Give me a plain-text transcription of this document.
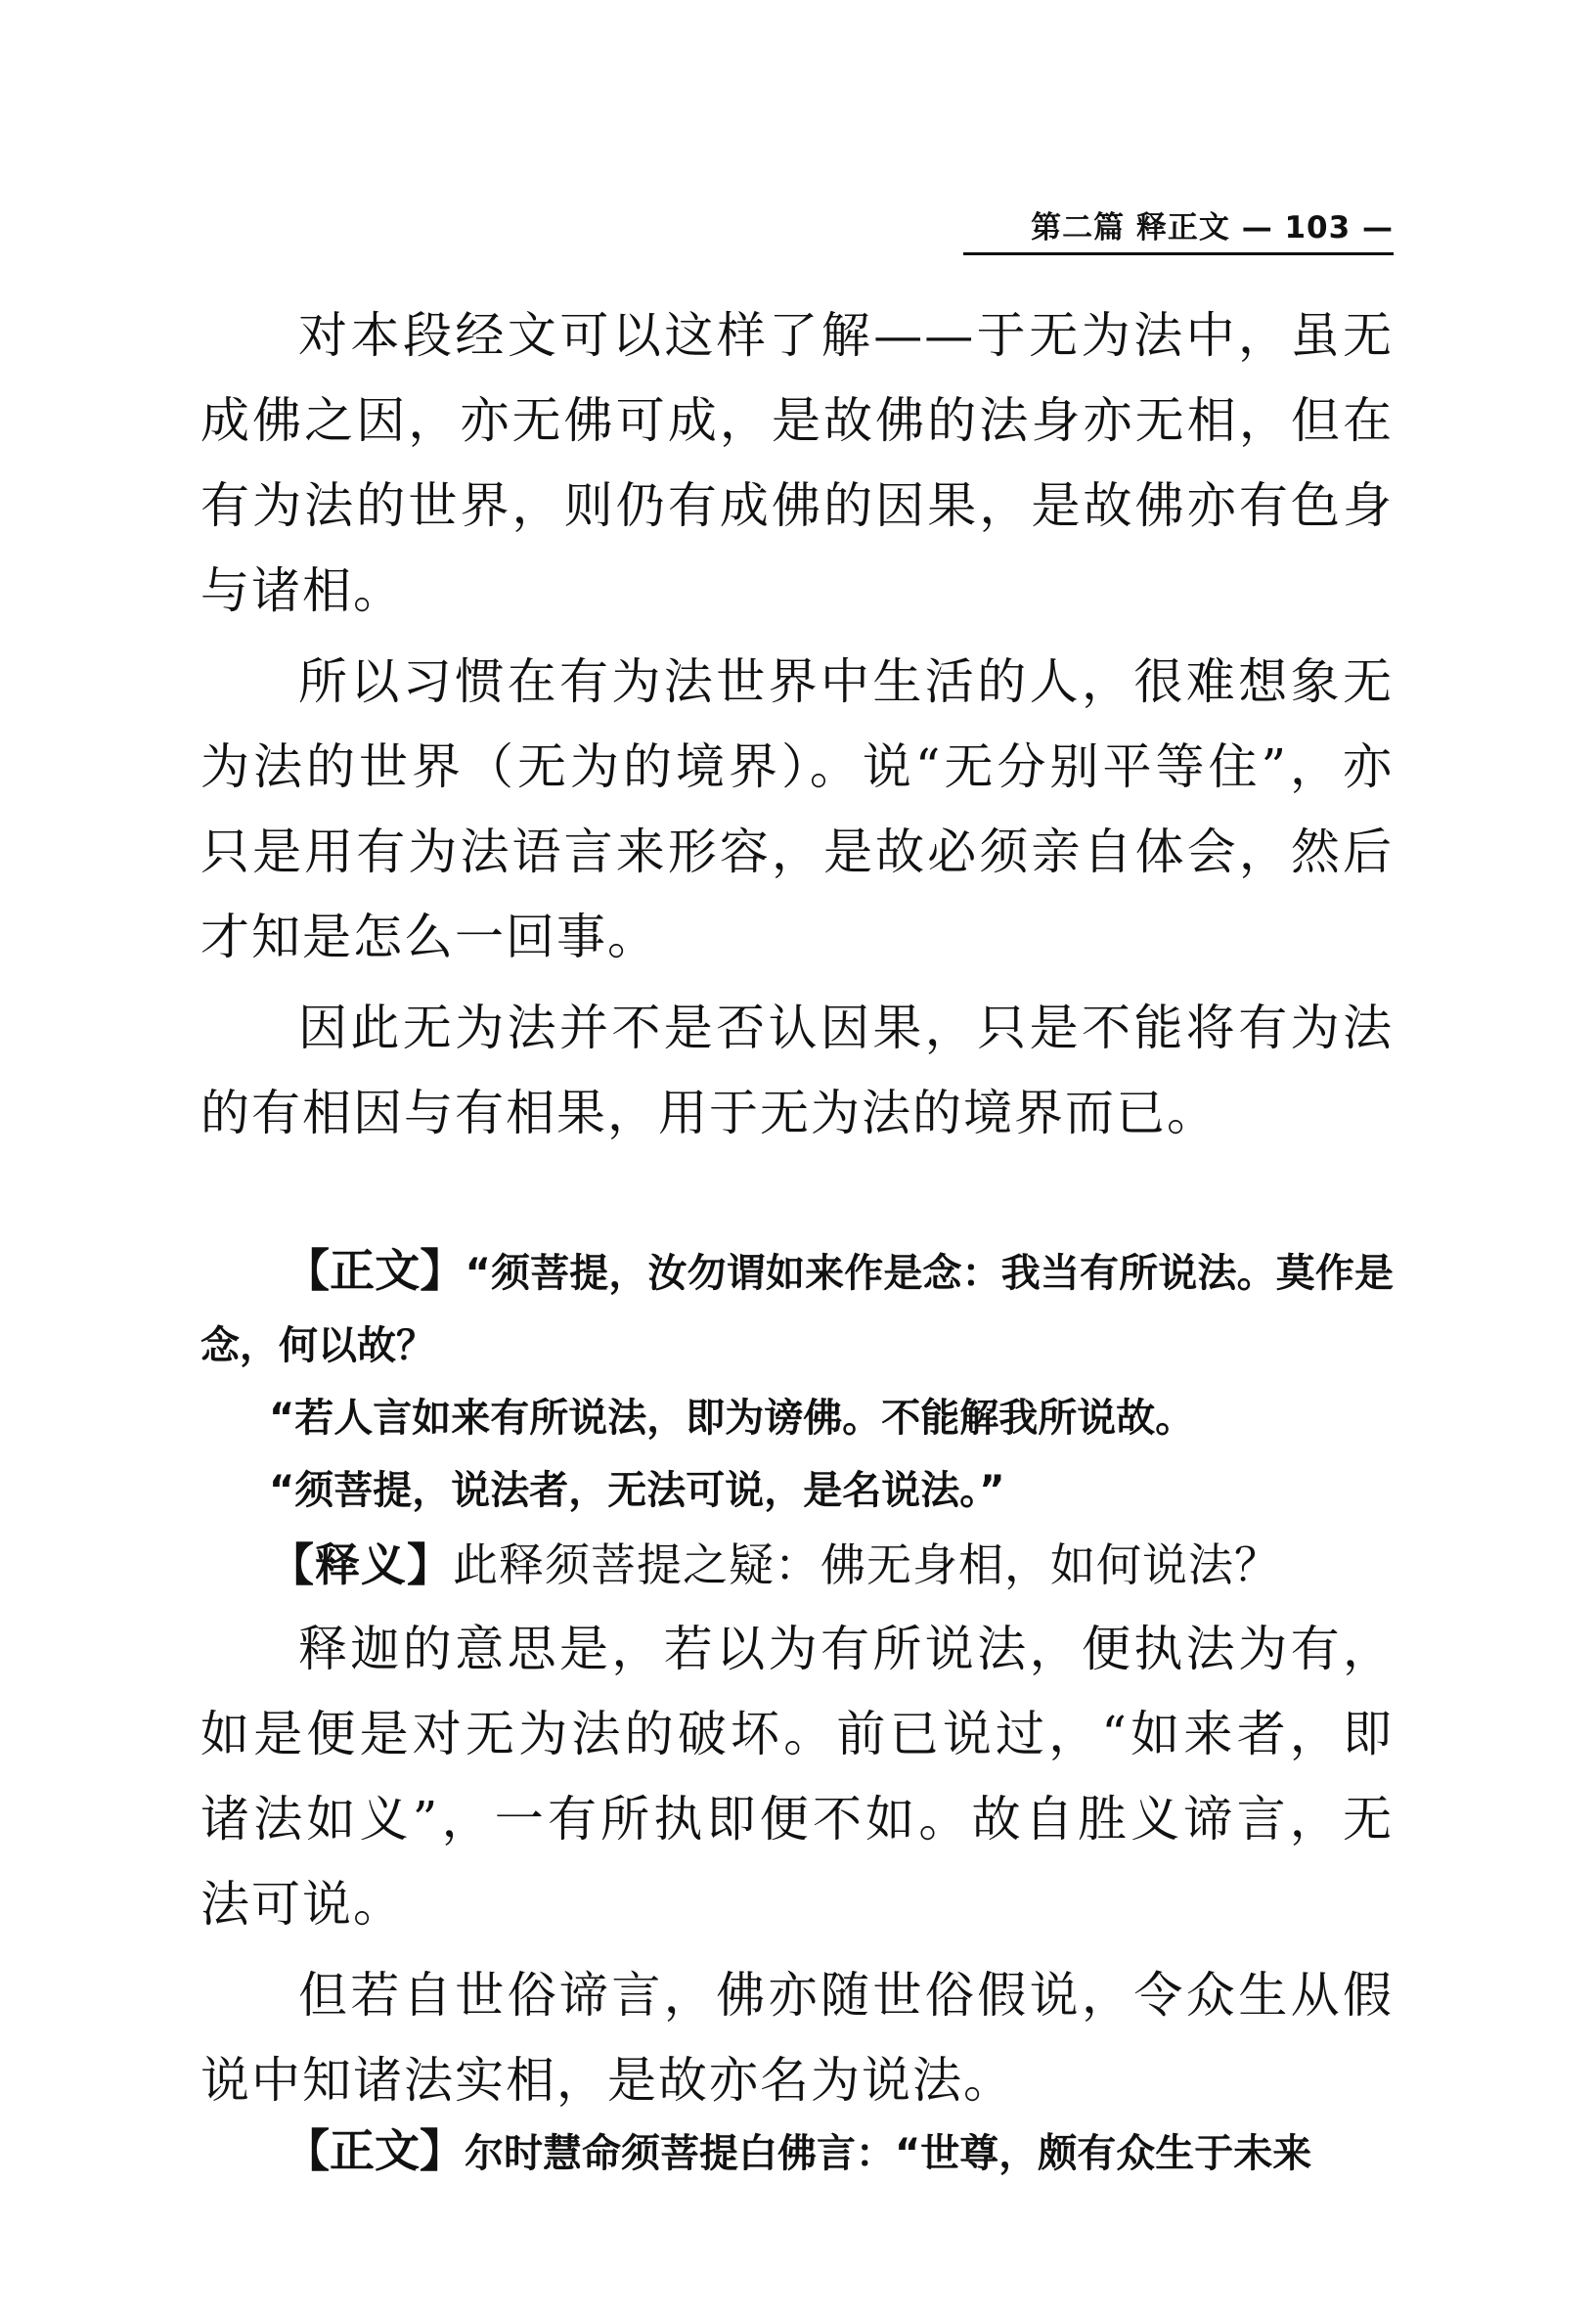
第二篇 释正文 — 103 —

对本段经文可以这样了解——于无为法中，虽无成佛之因，亦无佛可成，是故佛的法身亦无相，但在有为法的世界，则仍有成佛的因果，是故佛亦有色身与诸相。

所以习惯在有为法世界中生活的人，很难想象无为法的世界（无为的境界）。说“无分别平等住”，亦只是用有为法语言来形容，是故必须亲自体会，然后才知是怎么一回事。

因此无为法并不是否认因果，只是不能将有为法的有相因与有相果，用于无为法的境界而已。

【正文】“须菩提，汝勿谓如来作是念：我当有所说法。莫作是念，何以故？

“若人言如来有所说法，即为谤佛。不能解我所说故。

“须菩提，说法者，无法可说，是名说法。”

【释义】此释须菩提之疑：佛无身相，如何说法？

释迦的意思是，若以为有所说法，便执法为有，如是便是对无为法的破坏。前已说过，“如来者，即诸法如义”，一有所执即便不如。故自胜义谛言，无法可说。

但若自世俗谛言，佛亦随世俗假说，令众生从假说中知诸法实相，是故亦名为说法。

【正文】尔时慧命须菩提白佛言：“世尊，颇有众生于未来
